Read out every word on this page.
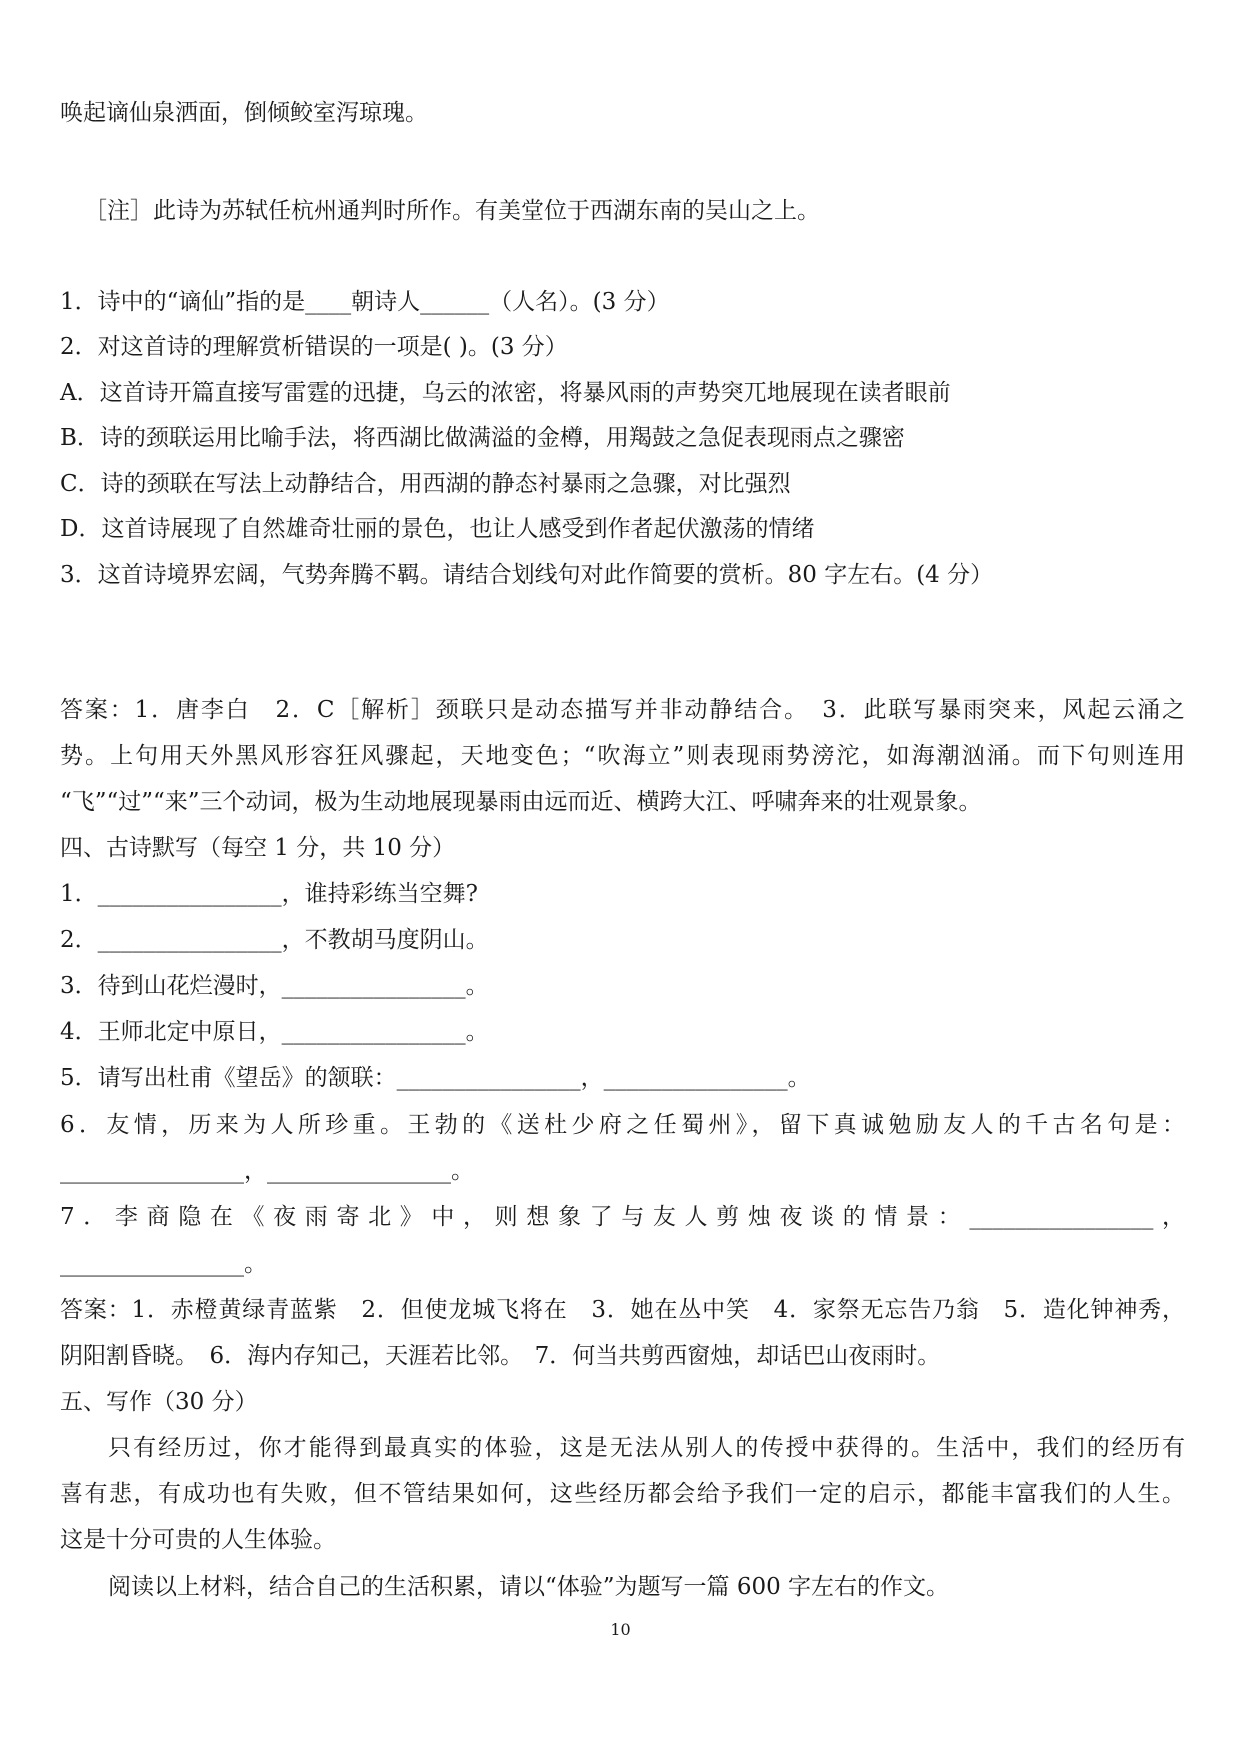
唤起谪仙泉洒面，倒倾鲛室泻琼瑰。
［注］此诗为苏轼任杭州通判时所作。有美堂位于西湖东南的吴山之上。
1．诗中的“谪仙”指的是____朝诗人______（人名）。(3 分）
2．对这首诗的理解赏析错误的一项是( )。(3 分）
A．这首诗开篇直接写雷霆的迅捷，乌云的浓密，将暴风雨的声势突兀地展现在读者眼前
B．诗的颈联运用比喻手法，将西湖比做满溢的金樽，用羯鼓之急促表现雨点之骤密
C．诗的颈联在写法上动静结合，用西湖的静态衬暴雨之急骤，对比强烈
D．这首诗展现了自然雄奇壮丽的景色，也让人感受到作者起伏激荡的情绪
3．这首诗境界宏阔，气势奔腾不羁。请结合划线句对此作简要的赏析。80 字左右。(4 分）
答案：1．唐李白　2．C［解析］颈联只是动态描写并非动静结合。　3．此联写暴雨突来，风起云涌之
势。上句用天外黑风形容狂风骤起，天地变色；“吹海立”则表现雨势滂沱，如海潮汹涌。而下句则连用
“飞”“过”“来”三个动词，极为生动地展现暴雨由远而近、横跨大江、呼啸奔来的壮观景象。
四、古诗默写（每空 1 分，共 10 分）
1．________________，谁持彩练当空舞?
2．________________，不教胡马度阴山。
3．待到山花烂漫时，________________。
4．王师北定中原日，________________。
5．请写出杜甫《望岳》的颔联：________________，________________。
6．友情，历来为人所珍重。王勃的《送杜少府之任蜀州》，留下真诚勉励友人的千古名句是：
________________，________________。
7．李商隐在《夜雨寄北》中，则想象了与友人剪烛夜谈的情景：________________，
________________。
答案：1．赤橙黄绿青蓝紫　2．但使龙城飞将在　3．她在丛中笑　4．家祭无忘告乃翁　5．造化钟神秀，
阴阳割昏晓。　6．海内存知己，天涯若比邻。　7．何当共剪西窗烛，却话巴山夜雨时。
五、写作（30 分）
只有经历过，你才能得到最真实的体验，这是无法从别人的传授中获得的。生活中，我们的经历有
喜有悲，有成功也有失败，但不管结果如何，这些经历都会给予我们一定的启示，都能丰富我们的人生。
这是十分可贵的人生体验。
阅读以上材料，结合自己的生活积累，请以“体验”为题写一篇 600 字左右的作文。
10
